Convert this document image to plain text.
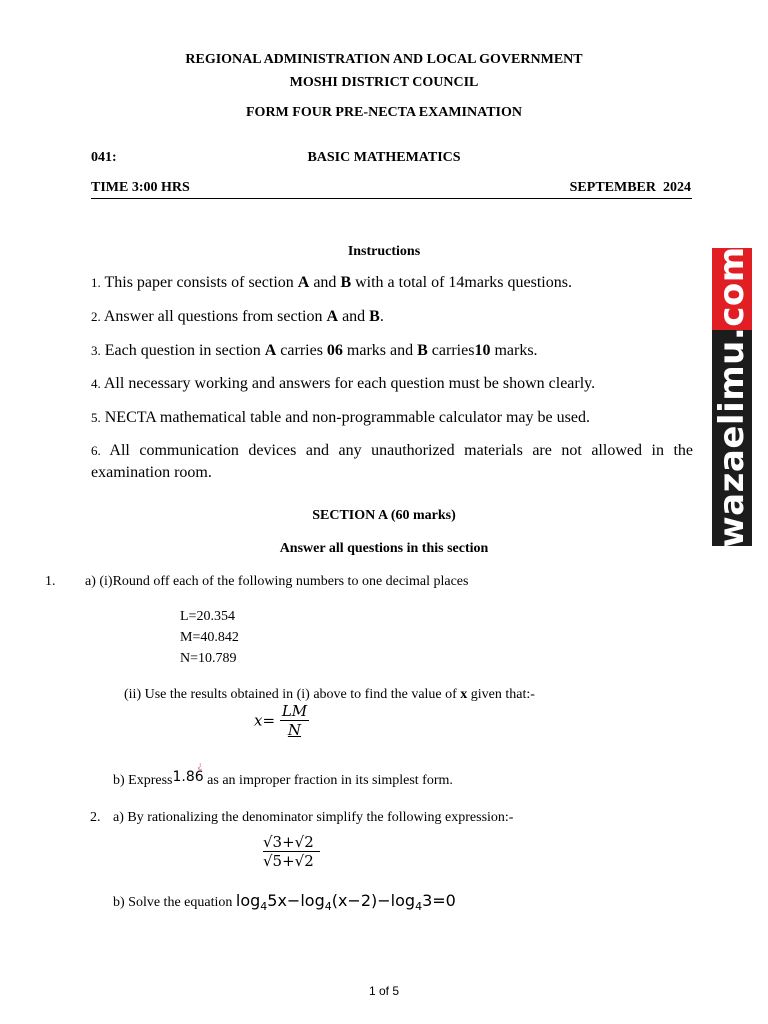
REGIONAL ADMINISTRATION AND LOCAL GOVERNMENT
MOSHI DISTRICT COUNCIL
FORM FOUR PRE-NECTA EXAMINATION
041:	BASIC MATHEMATICS
TIME 3:00 HRS	SEPTEMBER  2024
Instructions
1. This paper consists of section A and B with a total of 14marks questions.
2. Answer all questions from section A and B.
3. Each question in section A carries 06 marks and B carries10 marks.
4. All necessary working and answers for each question must be shown clearly.
5. NECTA mathematical table and non-programmable calculator may be used.
6. All communication devices and any unauthorized materials are not allowed in the
examination room.
SECTION A (60 marks)
Answer all questions in this section
1. a) (i)Round off each of the following numbers to one decimal places
L=20.354
M=40.842
N=10.789
(ii) Use the results obtained in (i) above to find the value of x given that:-
$x= \frac{LM}{N}$
¿
b) Express1.86 as an improper fraction in its simplest form.
2. a) By rationalizing the denominator simplify the following expression:-
$\frac{√3+√2}{√5+√2}$
b) Solve the equation $\log_45x-\log_4(x-2)-\log_43=0$
1 of 5
wazaelimu.com
